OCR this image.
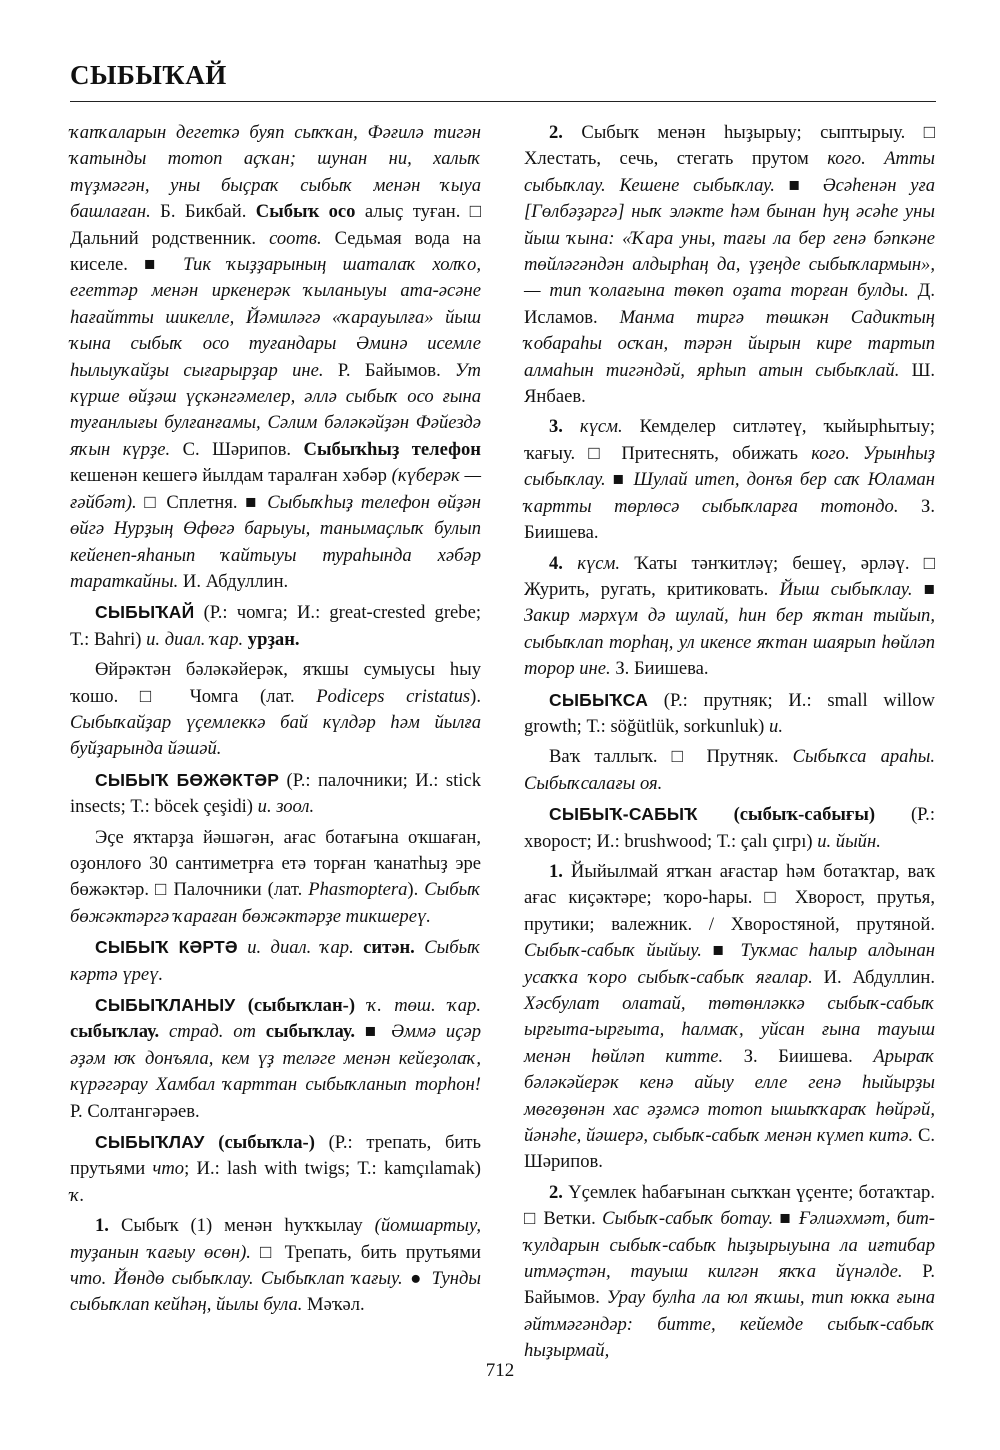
СЫБЫҠАЙ

ҡапҡаларын дегеткә буяп сыҡҡан, Фәғилә тигән ҡатынды тотоп аҫҡан; шунан ни, халыҡ түҙмәгән, уны быҫраҡ сыбыҡ менән ҡыуа башлаған. Б. Бикбай. Сыбыҡ осо алыҫ туған. □ Дальний родственник. соотв. Седьмая вода на киселе. ■ Тик ҡыҙҙарының шаталаҡ холҡо, егеттәр менән иркенерәк ҡыланыуы ата-әсәне һағайтты шикелле, Йәмиләгә «ҡарауылға» йыш ҡына сыбыҡ осо туғандары Әминә исемле һылыуҡайҙы сығарырҙар ине. Р. Байымов. Ут күрше өйҙәш үҫкәнгәмелер, әллә сыбыҡ осо ғына туғанлығы булғанғамы, Сәлим бәләкәйҙән Фәйездә яҡын күрҙе. С. Шәрипов. Сыбыҡһыҙ телефон кешенән кешегә йылдам таралған хәбәр (күберәк — ғәйбәт). □ Сплетня. ■ Сыбыҡһыҙ телефон өйҙән өйгә Нурҙың Өфөгә барыуы, танымаҫлыҡ булып кейенеп-яһанып ҡайтыуы тураһында хәбәр тараткайны. И. Абдуллин.

СЫБЫҠАЙ (Р.: чомга; И.: great-crested grebe; Т.: Bahri) и. диал. ҡар. урҙан.

Өйрәктән бәләкәйерәк, яҡшы сумыусы һыу ҡошо. □ Чомга (лат. Podiceps cristatus). Сыбыҡайҙар үҫемлеккә бай күлдәр һәм йылға буйҙарында йәшәй.

СЫБЫҠ БӨЖӘКТӘР (Р.: палочники; И.: stick insects; Т.: böcek çeşidi) и. зоол.

Эҫе яҡтарҙа йәшәгән, ағас ботағына оҡшаған, оҙонлоғо 30 сантиметрға етә торған ҡанатһыҙ эре бөжәктәр. □ Палочники (лат. Phasmoptera). Сыбыҡ бөжәктәргә ҡараған бөжәктәрҙе тикшереү.

СЫБЫҠ КӘРТӘ и. диал. ҡар. ситән. Сыбыҡ кәртә үреү.

СЫБЫҠЛАНЫУ (сыбыҡлан-) ҡ. төш. ҡар. сыбыҡлау. страд. от сыбыҡлау. ■ Әммә иҫәр әҙәм юҡ донъяла, кем үҙ теләге менән кейеҙолаҡ, күрәгәрау Хамбал ҡарттан сыбыҡланып торһон! Р. Солтангәрәев.

СЫБЫҠЛАУ (сыбыҡла-) (Р.: трепать, бить прутьями что; И.: lash with twigs; Т.: kamçılamak) ҡ.

1. Сыбыҡ (1) менән һуҡҡылау (йомшартыу, туҙанын ҡағыу өсөн). □ Трепать, бить прутьями что. Йөндө сыбыҡлау. Сыбыҡлап ҡағыу. ● Тунды сыбыҡлап кейһәң, йылы була. Мәҡәл.

2. Сыбыҡ менән һыҙырыу; сыптырыу. □ Хлестать, сечь, стегать прутом кого. Атты сыбыҡлау. Кешене сыбыҡлау. ■ Әсәһенән уға [Гөлбәҙәргә] ныҡ эләкте һәм бынан һуң әсәһе уны йыш ҡына: «Ҡара уны, тағы ла бер генә бәпкәне төйләгәндән алдырһаң да, үҙеңде сыбыҡлармын», — тип ҡолағына төкөп оҙата торған булды. Д. Исламов. Манма тиргә төшкән Садиктың ҡобараһы осҡан, тәрән йырын кире тартып алмаһын тигәндәй, ярһып атын сыбыҡлай. Ш. Янбаев.

3. күсм. Кемделер ситләтеү, ҡыйырһытыу; ҡағыу. □ Притеснять, обижать кого. Урынһыҙ сыбыҡлау. ■ Шулай итеп, донъя бер саҡ Юламан ҡартты төрлөсә сыбыҡларға тотондо. З. Биишева.

4. күсм. Ҡаты тәнҡитләү; бешеү, әрләү. □ Журить, ругать, критиковать. Йыш сыбыҡлау. ■ Закир мәрхүм дә шулай, һин бер яҡтан тыйып, сыбыҡлап торһаң, ул икенсе яҡтан шаярып һөйләп торор ине. З. Биишева.

СЫБЫҠСА (Р.: прутняк; И.: small willow growth; Т.: söğütlük, sorkunluk) и.

Ваҡ таллыҡ. □ Прутняк. Сыбыҡса араһы. Сыбыҡсалағы оя.

СЫБЫҠ-САБЫҠ (сыбыҡ-сабығы) (Р.: хворост; И.: brushwood; Т.: çalı çırpı) и. йыйн.

1. Йыйылмай ятҡан ағастар һәм ботаҡтар, ваҡ ағас киҫәктәре; ҡоро-һары. □ Хворост, прутья, прутики; валежник. / Хворостяной, прутяной. Сыбыҡ-сабыҡ йыйыу. ■ Туҡмас һалыр алдынан усаҡҡа ҡоро сыбыҡ-сабыҡ яғалар. И. Абдуллин. Хәсбулат олатай, төтөнләккә сыбыҡ-сабыҡ ырғыта-ырғыта, һалмаҡ, уйсан ғына тауыш менән һөйләп китте. З. Биишева. Арыраҡ бәләкәйерәк кенә айыу елле генә һыйырҙы мөгөҙөнән хас әҙәмсә тотоп ышыҡҡараҡ һөйрәй, йәнәһе, йәшерә, сыбыҡ-сабыҡ менән күмеп китә. С. Шәрипов.

2. Үҫемлек һабағынан сыҡҡан үҫенте; ботаҡтар. □ Ветки. Сыбыҡ-сабыҡ ботау. ■ Ғәлиәхмәт, бит-ҡулдарын сыбыҡ-сабыҡ һыҙырыуына ла иғтибар итмәҫтән, тауыш килгән яҡҡа йүнәлде. Р. Байымов. Урау булһа ла юл яҡшы, тип юкка ғына әйтмәгәндәр: битте, кейемде сыбыҡ-сабыҡ һыҙырмай,

712
